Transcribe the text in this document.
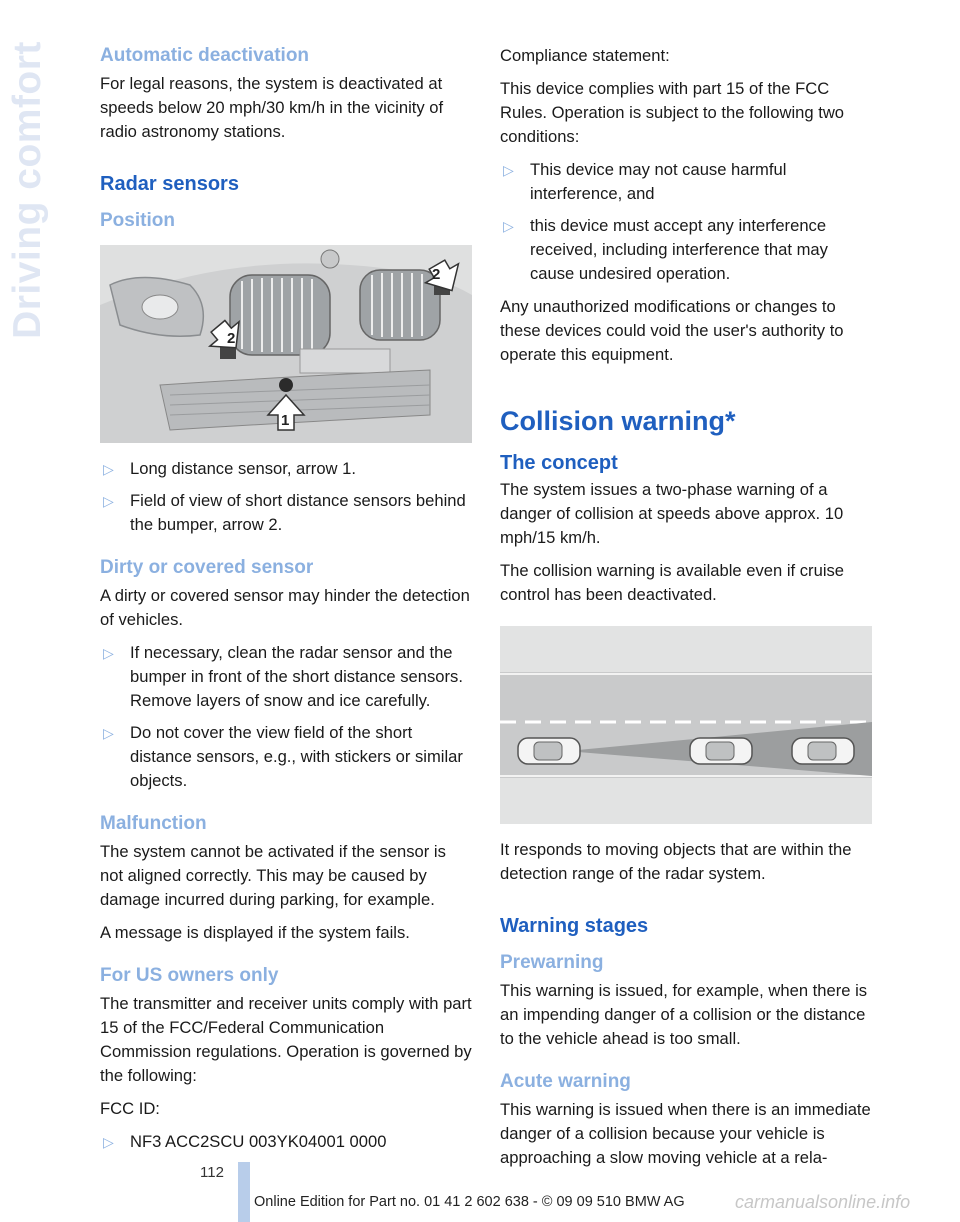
Driving comfort	Automatic deactivation

For legal reasons, the system is deactivated at speeds below 20 mph/30 km/h in the vicinity of radio astronomy stations.

Radar sensors
Position
2
2
1
▷ Long distance sensor, arrow 1.
▷ Field of view of short distance sensors behind the bumper, arrow 2.
Dirty or covered sensor

A dirty or covered sensor may hinder the detection of vehicles.

▷ If necessary, clean the radar sensor and the bumper in front of the short distance sensors. Remove layers of snow and ice carefully.
▷ Do not cover the view field of the short distance sensors, e.g., with stickers or similar objects.
Malfunction

The system cannot be activated if the sensor is not aligned correctly. This may be caused by damage incurred during parking, for example.

A message is displayed if the system fails.

For US owners only

The transmitter and receiver units comply with part 15 of the FCC/Federal Communication Commission regulations. Operation is governed by the following:

FCC ID:

▷ NF3 ACC2SCU 003YK04001 0000

Compliance statement:

This device complies with part 15 of the FCC Rules. Operation is subject to the following two conditions:

▷ This device may not cause harmful interference, and
▷ this device must accept any interference received, including interference that may cause undesired operation.

Any unauthorized modifications or changes to these devices could void the user's authority to operate this equipment.

Collision warning*
The concept

The system issues a two-phase warning of a danger of collision at speeds above approx. 10 mph/15 km/h.

The collision warning is available even if cruise control has been deactivated.

It responds to moving objects that are within the detection range of the radar system.

Warning stages
Prewarning

This warning is issued, for example, when there is an impending danger of a collision or the distance to the vehicle ahead is too small.

Acute warning

This warning is issued when there is an immediate danger of a collision because your vehicle is approaching a slow moving vehicle at a rela-

112
Online Edition for Part no. 01 41 2 602 638 - © 09 09 510 BMW AG	carmanualsonline.info
